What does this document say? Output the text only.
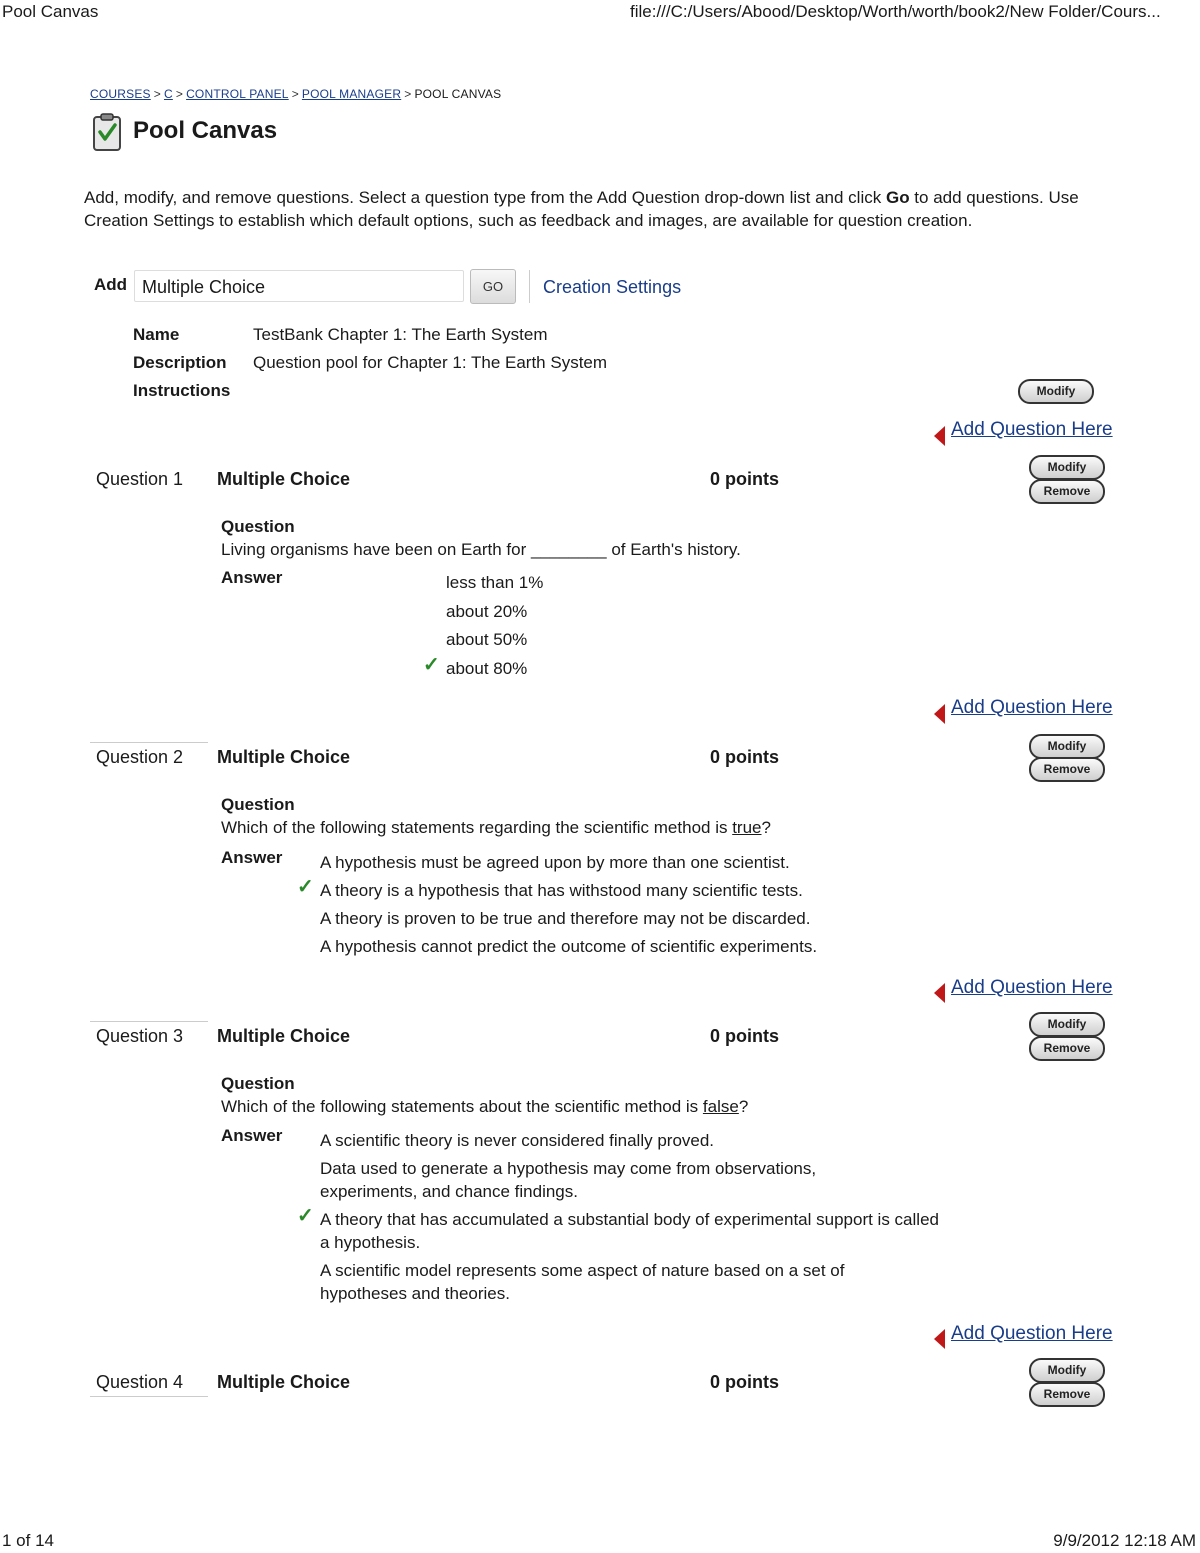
Pool Canvas	file:///C:/Users/Abood/Desktop/Worth/worth/book2/New Folder/Cours...
1 of 14	9/9/2012 12:18 AM
COURSES > C > CONTROL PANEL > POOL MANAGER > POOL CANVAS
Pool Canvas
Add, modify, and remove questions. Select a question type from the Add Question drop-down list and click Go to add questions. Use Creation Settings to establish which default options, such as feedback and images, are available for question creation.
Add Multiple Choice	GO	Creation Settings
Name	TestBank Chapter 1: The Earth System
Description Question pool for Chapter 1: The Earth System
Instructions	Modify
Add Question Here
Question 1 Multiple Choice	0 points
Modify
Remove
Question
Living organisms have been on Earth for ________ of Earth's history.
Answer	less than 1%
about 20%
about 50%
✓ about 80%
Add Question Here
Question 2 Multiple Choice	0 points
Modify
Remove
Question
Which of the following statements regarding the scientific method is true?
Answer A hypothesis must be agreed upon by more than one scientist.
✓ A theory is a hypothesis that has withstood many scientific tests.
A theory is proven to be true and therefore may not be discarded.
A hypothesis cannot predict the outcome of scientific experiments.
Add Question Here
Question 3 Multiple Choice	0 points
Modify
Remove
Question
Which of the following statements about the scientific method is false?
Answer A scientific theory is never considered finally proved.
Data used to generate a hypothesis may come from observations, experiments, and chance findings.
✓ A theory that has accumulated a substantial body of experimental support is called a hypothesis.
A scientific model represents some aspect of nature based on a set of hypotheses and theories.
Add Question Here
Question 4 Multiple Choice	0 points
Modify
Remove
